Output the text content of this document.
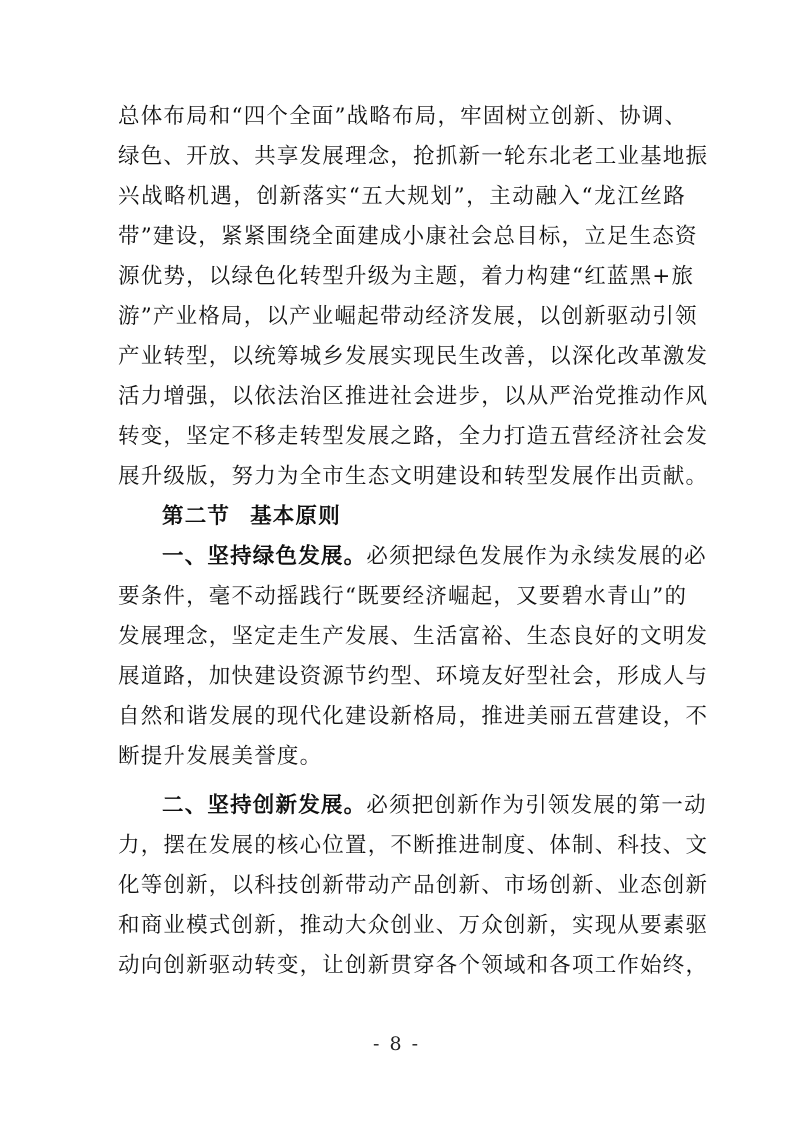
总体布局和“四个全面”战略布局，牢固树立创新、协调、
绿色、开放、共享发展理念，抢抓新一轮东北老工业基地振
兴战略机遇，创新落实“五大规划”，主动融入“龙江丝路
带”建设，紧紧围绕全面建成小康社会总目标，立足生态资
源优势，以绿色化转型升级为主题，着力构建“红蓝黑+旅
游”产业格局，以产业崛起带动经济发展，以创新驱动引领
产业转型，以统筹城乡发展实现民生改善，以深化改革激发
活力增强，以依法治区推进社会进步，以从严治党推动作风
转变，坚定不移走转型发展之路，全力打造五营经济社会发
展升级版，努力为全市生态文明建设和转型发展作出贡献。
第二节 基本原则
一、坚持绿色发展。必须把绿色发展作为永续发展的必
要条件，毫不动摇践行“既要经济崛起，又要碧水青山”的
发展理念，坚定走生产发展、生活富裕、生态良好的文明发
展道路，加快建设资源节约型、环境友好型社会，形成人与
自然和谐发展的现代化建设新格局，推进美丽五营建设，不
断提升发展美誉度。
二、坚持创新发展。必须把创新作为引领发展的第一动
力，摆在发展的核心位置，不断推进制度、体制、科技、文
化等创新，以科技创新带动产品创新、市场创新、业态创新
和商业模式创新，推动大众创业、万众创新，实现从要素驱
动向创新驱动转变，让创新贯穿各个领域和各项工作始终，
- 8 -
